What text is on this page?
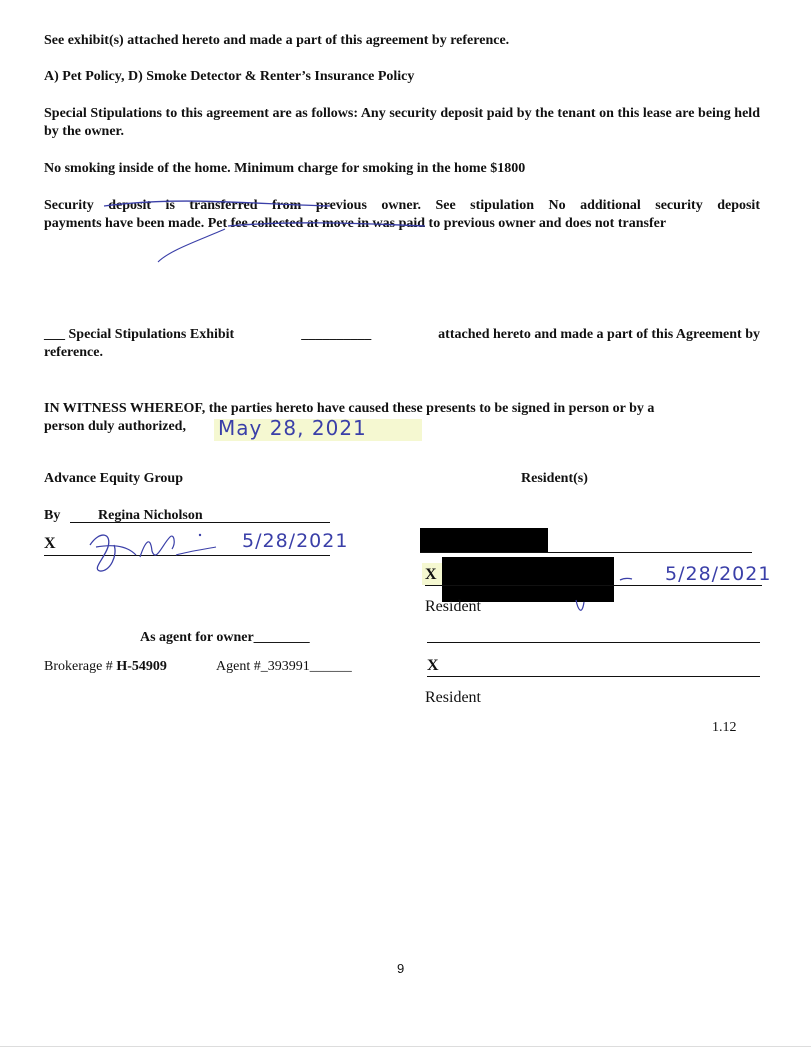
See exhibit(s) attached hereto and made a part of this agreement by reference.
A) Pet Policy, D) Smoke Detector & Renter’s Insurance Policy
Special Stipulations to this agreement are as follows: Any security deposit paid by the tenant on this lease are being held by the owner.
No smoking inside of the home. Minimum charge for smoking in the home $1800
Security deposit is transferred from previous owner. See stipulation No additional security deposit
payments have been made. Pet fee collected at move in was paid to previous owner and does not transfer
___ Special Stipulations Exhibit	__________	attached hereto and made a part of this Agreement by
reference.
IN WITNESS WHEREOF, the parties hereto have caused these presents to be signed in person or by a
person duly authorized, May 28, 2021
Advance Equity Group	Resident(s)
By	Regina Nicholson
X	5/28/2021
X	5/28/2021
Resident
As agent for owner________
Brokerage # H-54909	Agent #_393991______	X
Resident
1.12
9
